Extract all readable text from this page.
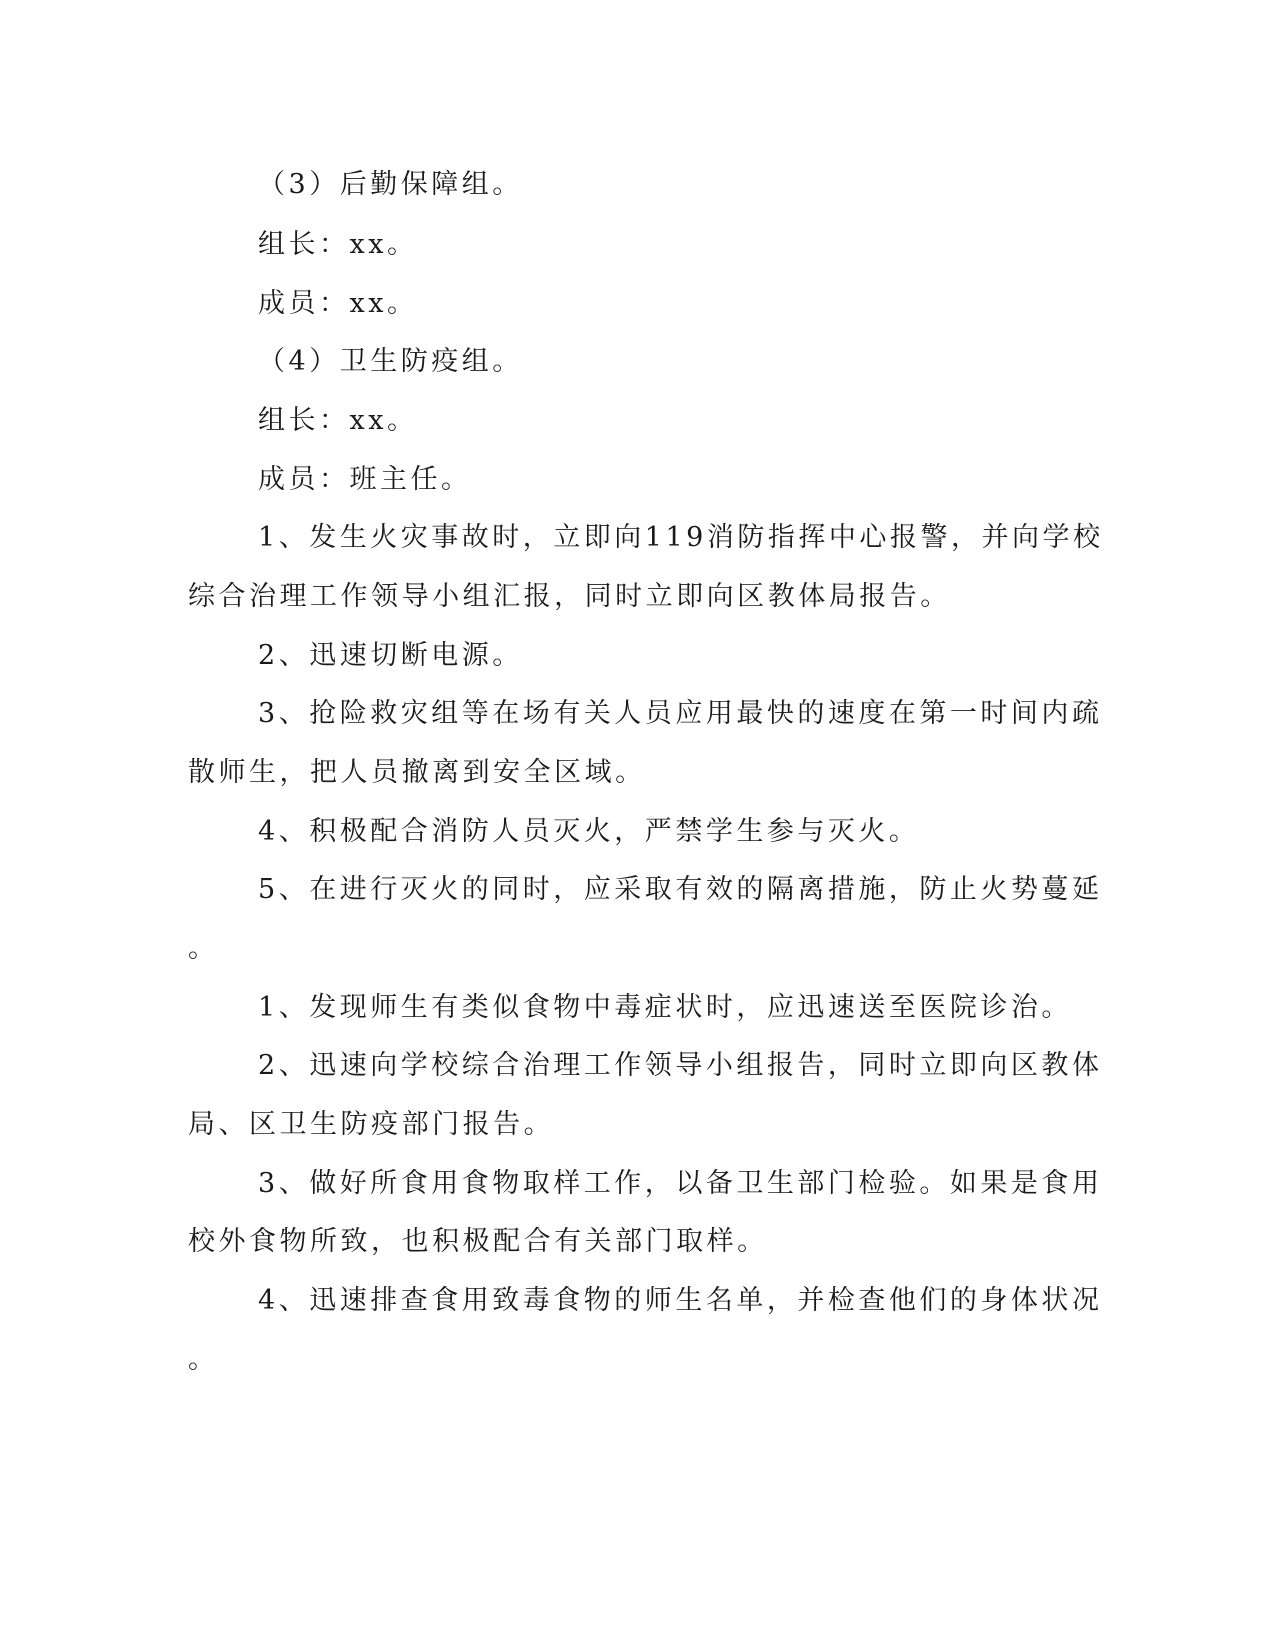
（3）后勤保障组。
组长：xx。
成员：xx。
（4）卫生防疫组。
组长：xx。
成员：班主任。
1、发生火灾事故时，立即向119消防指挥中心报警，并向学校
综合治理工作领导小组汇报，同时立即向区教体局报告。
2、迅速切断电源。
3、抢险救灾组等在场有关人员应用最快的速度在第一时间内疏
散师生，把人员撤离到安全区域。
4、积极配合消防人员灭火，严禁学生参与灭火。
5、在进行灭火的同时，应采取有效的隔离措施，防止火势蔓延
。
1、发现师生有类似食物中毒症状时，应迅速送至医院诊治。
2、迅速向学校综合治理工作领导小组报告，同时立即向区教体
局、区卫生防疫部门报告。
3、做好所食用食物取样工作，以备卫生部门检验。如果是食用
校外食物所致，也积极配合有关部门取样。
4、迅速排查食用致毒食物的师生名单，并检查他们的身体状况
。
